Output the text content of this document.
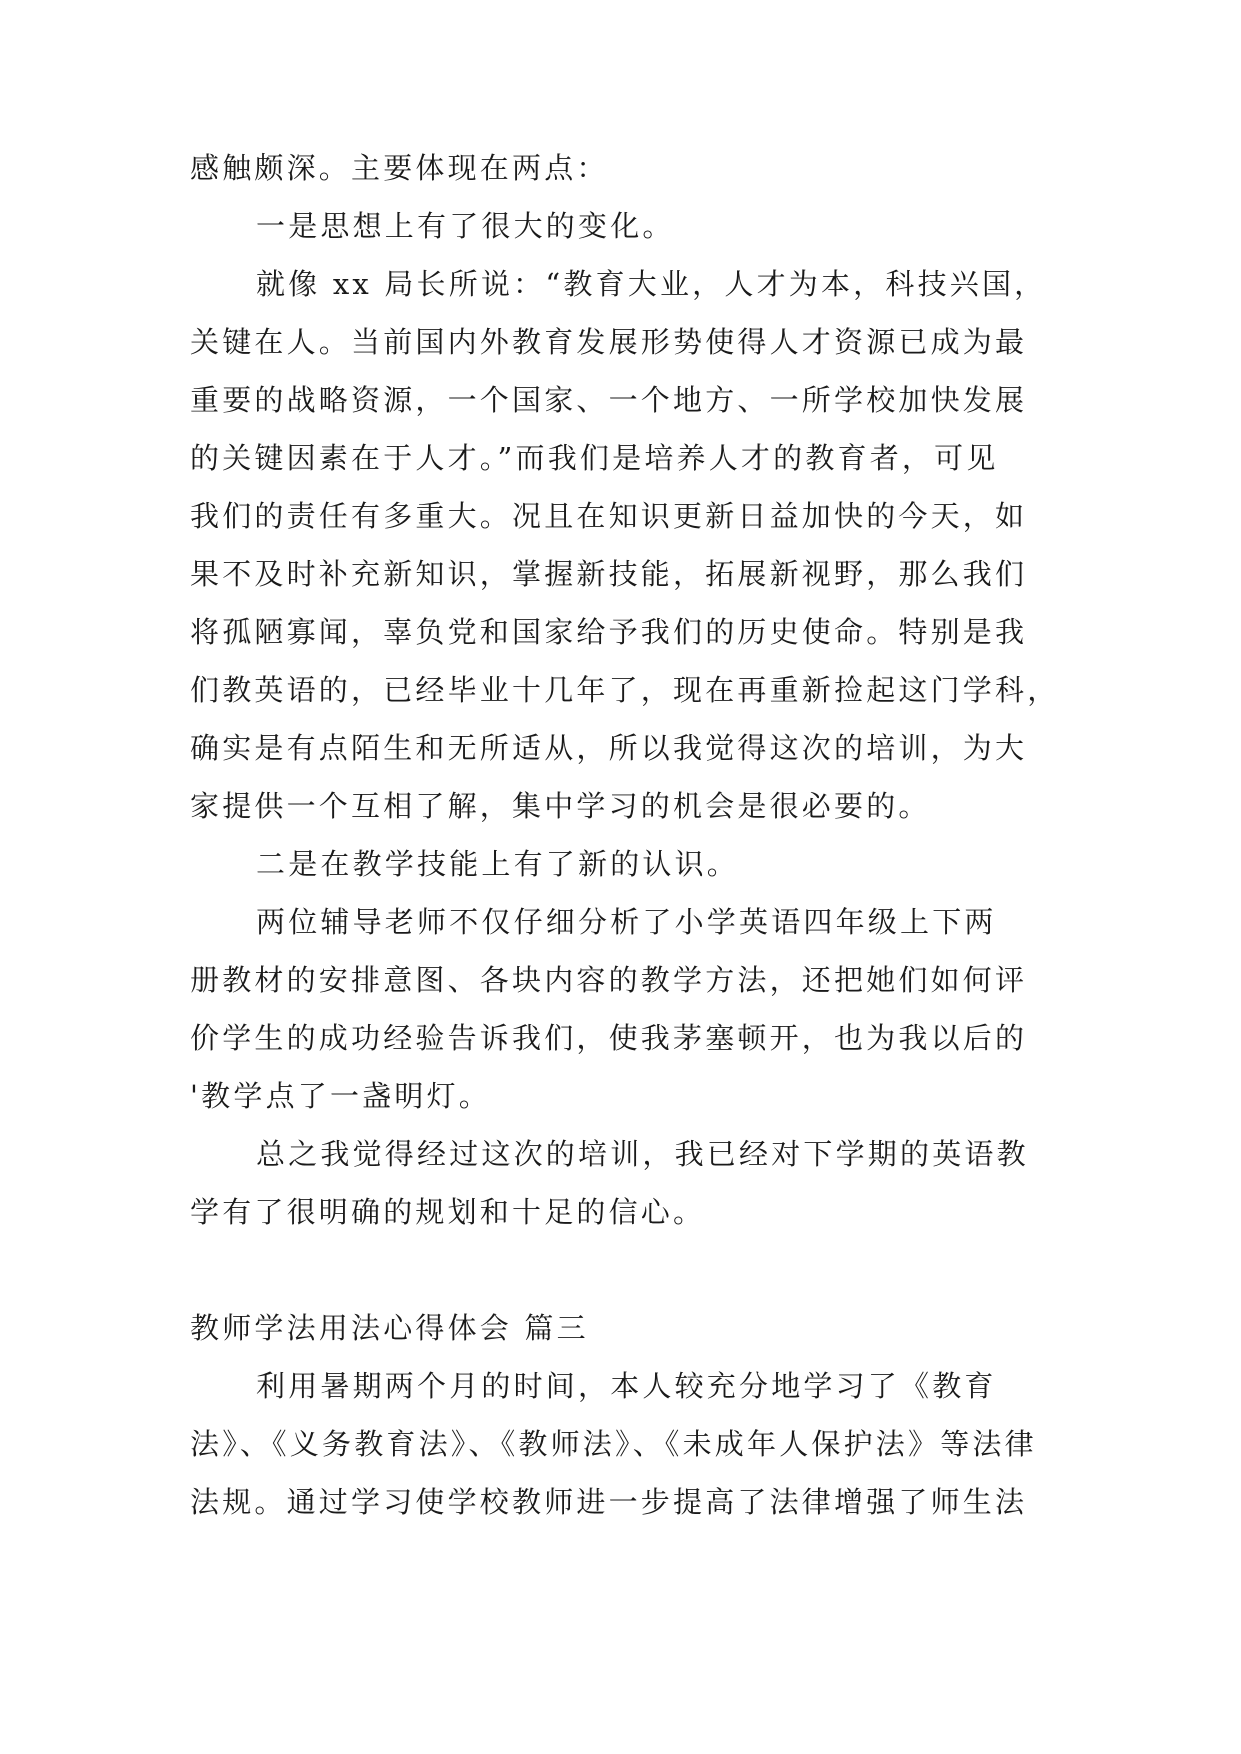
感触颇深。主要体现在两点：
一是思想上有了很大的变化。
就像 xx 局长所说：“教育大业，人才为本，科技兴国，
关键在人。当前国内外教育发展形势使得人才资源已成为最
重要的战略资源，一个国家、一个地方、一所学校加快发展
的关键因素在于人才。”而我们是培养人才的教育者，可见
我们的责任有多重大。况且在知识更新日益加快的今天，如
果不及时补充新知识，掌握新技能，拓展新视野，那么我们
将孤陋寡闻，辜负党和国家给予我们的历史使命。特别是我
们教英语的，已经毕业十几年了，现在再重新捡起这门学科，
确实是有点陌生和无所适从，所以我觉得这次的培训，为大
家提供一个互相了解，集中学习的机会是很必要的。
二是在教学技能上有了新的认识。
两位辅导老师不仅仔细分析了小学英语四年级上下两
册教材的安排意图、各块内容的教学方法，还把她们如何评
价学生的成功经验告诉我们，使我茅塞顿开，也为我以后的
'教学点了一盏明灯。
总之我觉得经过这次的培训，我已经对下学期的英语教
学有了很明确的规划和十足的信心。
教师学法用法心得体会 篇三
利用暑期两个月的时间，本人较充分地学习了《教育
法》、《义务教育法》、《教师法》、《未成年人保护法》等法律
法规。通过学习使学校教师进一步提高了法律增强了师生法
